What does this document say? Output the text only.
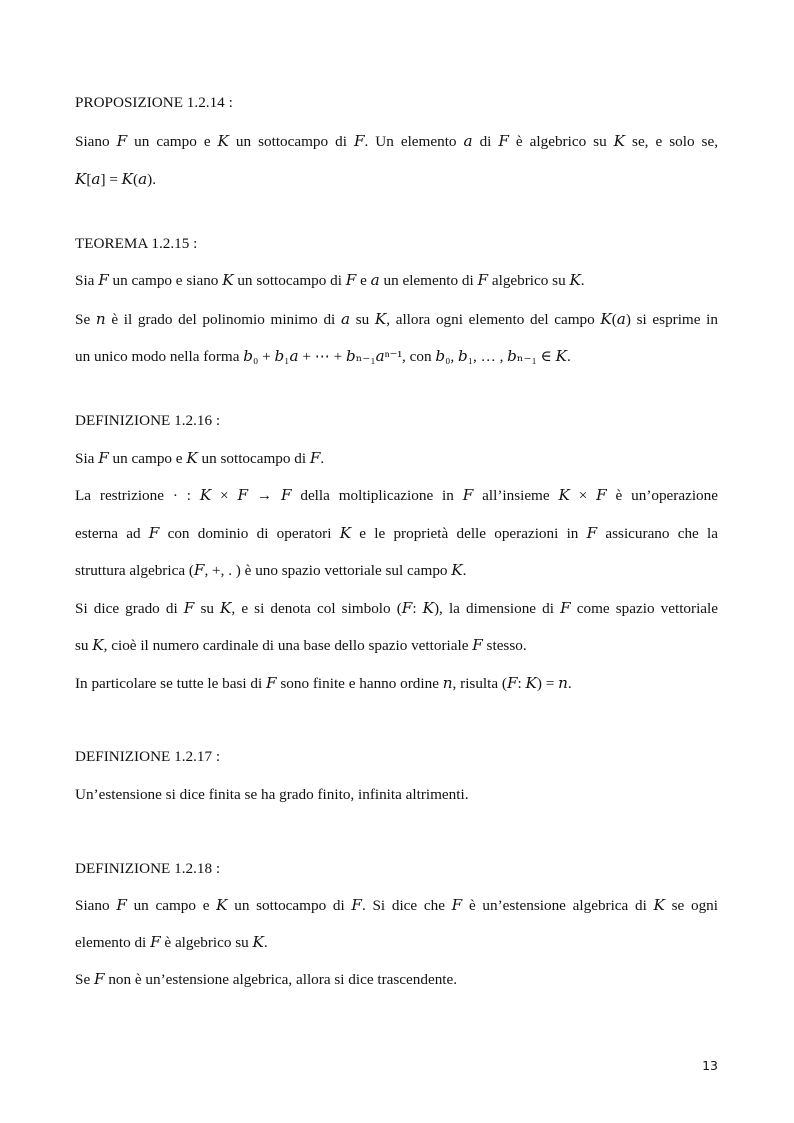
PROPOSIZIONE 1.2.14 :
Siano 𝐹 un campo e 𝐾 un sottocampo di 𝐹. Un elemento 𝑎 di 𝐹 è algebrico su 𝐾 se, e solo se,
𝐾[𝑎] = 𝐾(𝑎).
TEOREMA 1.2.15 :
Sia 𝐹 un campo e siano 𝐾 un sottocampo di 𝐹 e 𝑎 un elemento di 𝐹 algebrico su 𝐾.
Se 𝑛 è il grado del polinomio minimo di 𝑎 su 𝐾, allora ogni elemento del campo 𝐾(𝑎) si esprime in
un unico modo nella forma 𝑏₀ + 𝑏₁𝑎 + ⋯ + 𝑏ₙ₋₁𝑎ⁿ⁻¹, con 𝑏₀, 𝑏₁, … , 𝑏ₙ₋₁ ∈ 𝐾.
DEFINIZIONE 1.2.16 :
Sia 𝐹 un campo e 𝐾 un sottocampo di 𝐹.
La restrizione · : 𝐾 × 𝐹 → 𝐹 della moltiplicazione in 𝐹 all’insieme 𝐾 × 𝐹 è un’operazione
esterna ad 𝐹 con dominio di operatori 𝐾 e le proprietà delle operazioni in 𝐹 assicurano che la
struttura algebrica (𝐹, +, . ) è uno spazio vettoriale sul campo 𝐾.
Si dice grado di 𝐹 su 𝐾, e si denota col simbolo (𝐹: 𝐾), la dimensione di 𝐹 come spazio vettoriale
su 𝐾, cioè il numero cardinale di una base dello spazio vettoriale 𝐹 stesso.
In particolare se tutte le basi di 𝐹 sono finite e hanno ordine 𝑛, risulta (𝐹: 𝐾) = 𝑛.
DEFINIZIONE 1.2.17 :
Un’estensione si dice finita se ha grado finito, infinita altrimenti.
DEFINIZIONE 1.2.18 :
Siano 𝐹 un campo e 𝐾 un sottocampo di 𝐹. Si dice che 𝐹 è un’estensione algebrica di 𝐾 se ogni
elemento di 𝐹 è algebrico su 𝐾.
Se 𝐹 non è un’estensione algebrica, allora si dice trascendente.
13
